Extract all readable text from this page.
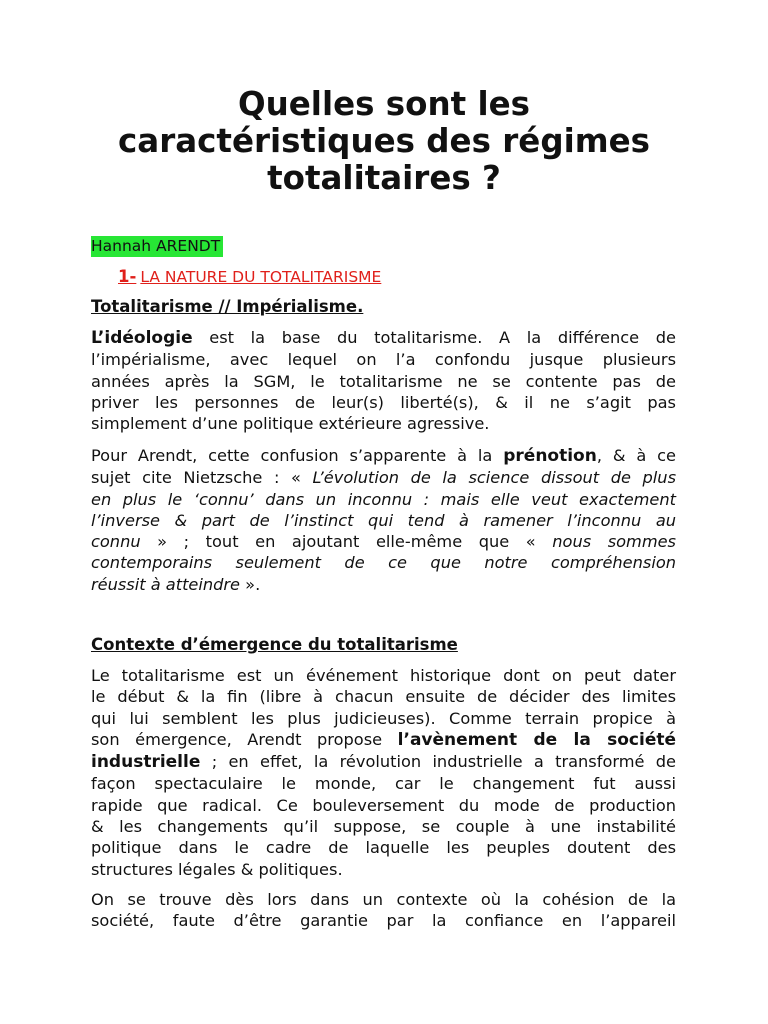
Quelles sont les
caractéristiques des régimes
totalitaires ?
Hannah ARENDT
1- LA NATURE DU TOTALITARISME
Totalitarisme // Impérialisme.

L’idéologie est la base du totalitarisme. A la différence de
l’impérialisme, avec lequel on l’a confondu jusque plusieurs
années après la SGM, le totalitarisme ne se contente pas de
priver les personnes de leur(s) liberté(s), & il ne s’agit pas
simplement d’une politique extérieure agressive.

Pour Arendt, cette confusion s’apparente à la prénotion, & à ce
sujet cite Nietzsche : « L’évolution de la science dissout de plus
en plus le ‘connu’ dans un inconnu : mais elle veut exactement
l’inverse & part de l’instinct qui tend à ramener l’inconnu au
connu » ; tout en ajoutant elle-même que « nous sommes
contemporains seulement de ce que notre compréhension
réussit à atteindre ».

Contexte d’émergence du totalitarisme

Le totalitarisme est un événement historique dont on peut dater
le début & la fin (libre à chacun ensuite de décider des limites
qui lui semblent les plus judicieuses). Comme terrain propice à
son émergence, Arendt propose l’avènement de la société
industrielle ; en effet, la révolution industrielle a transformé de
façon spectaculaire le monde, car le changement fut aussi
rapide que radical. Ce bouleversement du mode de production
& les changements qu’il suppose, se couple à une instabilité
politique dans le cadre de laquelle les peuples doutent des
structures légales & politiques.

On se trouve dès lors dans un contexte où la cohésion de la
société, faute d’être garantie par la confiance en l’appareil
